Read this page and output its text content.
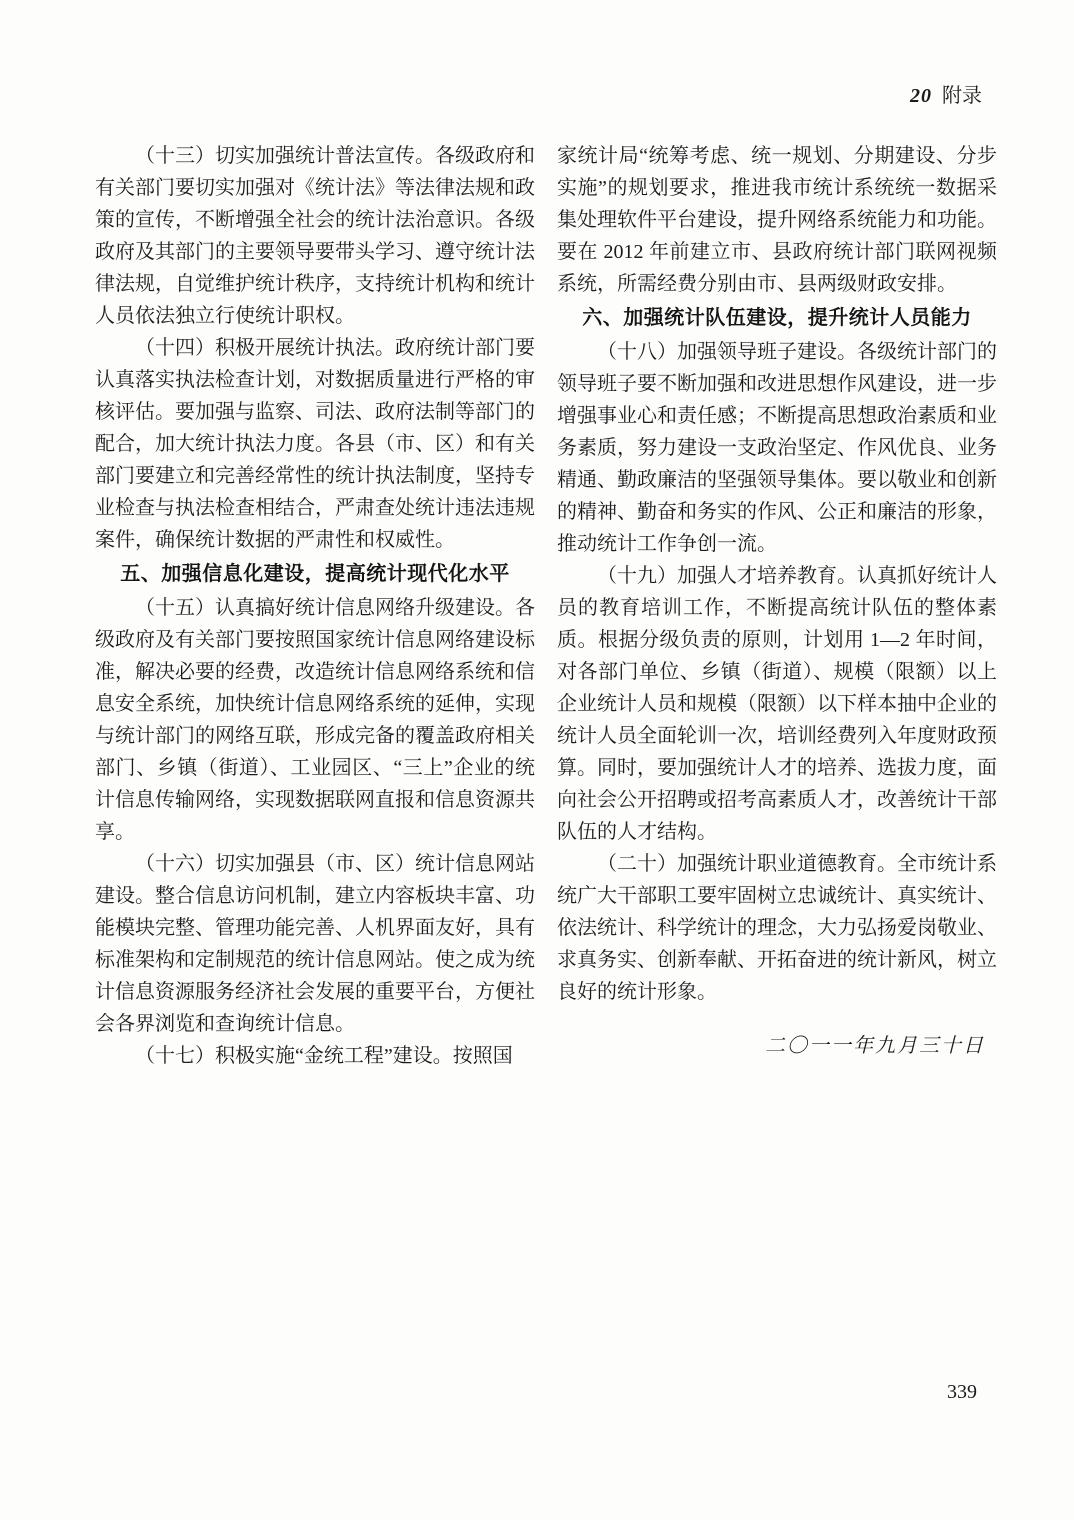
20 附录

（十三）切实加强统计普法宣传。各级政府和有关部门要切实加强对《统计法》等法律法规和政策的宣传，不断增强全社会的统计法治意识。各级政府及其部门的主要领导要带头学习、遵守统计法律法规，自觉维护统计秩序，支持统计机构和统计人员依法独立行使统计职权。

（十四）积极开展统计执法。政府统计部门要认真落实执法检查计划，对数据质量进行严格的审核评估。要加强与监察、司法、政府法制等部门的配合，加大统计执法力度。各县（市、区）和有关部门要建立和完善经常性的统计执法制度，坚持专业检查与执法检查相结合，严肃查处统计违法违规案件，确保统计数据的严肃性和权威性。

五、加强信息化建设，提高统计现代化水平

（十五）认真搞好统计信息网络升级建设。各级政府及有关部门要按照国家统计信息网络建设标准，解决必要的经费，改造统计信息网络系统和信息安全系统，加快统计信息网络系统的延伸，实现与统计部门的网络互联，形成完备的覆盖政府相关部门、乡镇（街道）、工业园区、“三上”企业的统计信息传输网络，实现数据联网直报和信息资源共享。

（十六）切实加强县（市、区）统计信息网站建设。整合信息访问机制，建立内容板块丰富、功能模块完整、管理功能完善、人机界面友好，具有标准架构和定制规范的统计信息网站。使之成为统计信息资源服务经济社会发展的重要平台，方便社会各界浏览和查询统计信息。

（十七）积极实施“金统工程”建设。按照国

家统计局“统筹考虑、统一规划、分期建设、分步实施”的规划要求，推进我市统计系统统一数据采集处理软件平台建设，提升网络系统能力和功能。要在 2012 年前建立市、县政府统计部门联网视频系统，所需经费分别由市、县两级财政安排。

六、加强统计队伍建设，提升统计人员能力

（十八）加强领导班子建设。各级统计部门的领导班子要不断加强和改进思想作风建设，进一步增强事业心和责任感；不断提高思想政治素质和业务素质，努力建设一支政治坚定、作风优良、业务精通、勤政廉洁的坚强领导集体。要以敬业和创新的精神、勤奋和务实的作风、公正和廉洁的形象，推动统计工作争创一流。

（十九）加强人才培养教育。认真抓好统计人员的教育培训工作，不断提高统计队伍的整体素质。根据分级负责的原则，计划用 1—2 年时间，对各部门单位、乡镇（街道）、规模（限额）以上企业统计人员和规模（限额）以下样本抽中企业的统计人员全面轮训一次，培训经费列入年度财政预算。同时，要加强统计人才的培养、选拔力度，面向社会公开招聘或招考高素质人才，改善统计干部队伍的人才结构。

（二十）加强统计职业道德教育。全市统计系统广大干部职工要牢固树立忠诚统计、真实统计、依法统计、科学统计的理念，大力弘扬爱岗敬业、求真务实、创新奉献、开拓奋进的统计新风，树立良好的统计形象。

二〇一一年九月三十日

339
